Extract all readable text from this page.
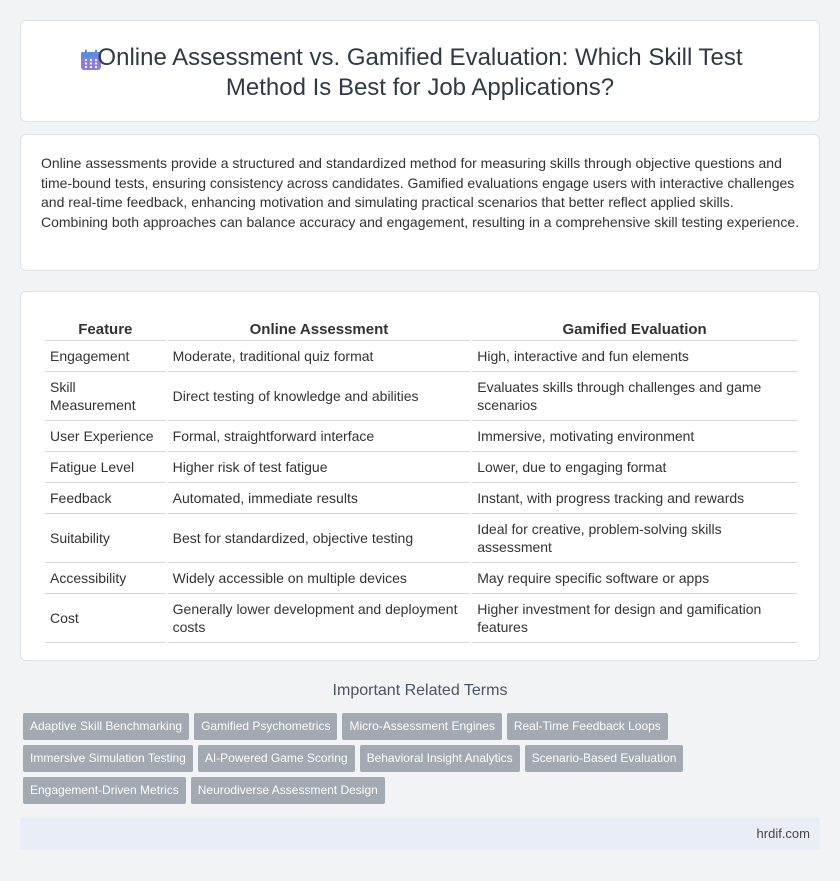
Online Assessment vs. Gamified Evaluation: Which Skill Test
Method Is Best for Job Applications?

Online assessments provide a structured and standardized method for measuring skills through objective questions and time-bound tests, ensuring consistency across candidates. Gamified evaluations engage users with interactive challenges and real-time feedback, enhancing motivation and simulating practical scenarios that better reflect applied skills. Combining both approaches can balance accuracy and engagement, resulting in a comprehensive skill testing experience.

Feature	Online Assessment	Gamified Evaluation
Engagement	Moderate, traditional quiz format	High, interactive and fun elements
Skill Measurement	Direct testing of knowledge and abilities	Evaluates skills through challenges and game scenarios
User Experience	Formal, straightforward interface	Immersive, motivating environment
Fatigue Level	Higher risk of test fatigue	Lower, due to engaging format
Feedback	Automated, immediate results	Instant, with progress tracking and rewards
Suitability	Best for standardized, objective testing	Ideal for creative, problem-solving skills assessment
Accessibility	Widely accessible on multiple devices	May require specific software or apps
Cost	Generally lower development and deployment costs	Higher investment for design and gamification features
Important Related Terms
Adaptive Skill Benchmarking	Gamified Psychometrics	Micro-Assessment Engines	Real-Time Feedback Loops
Immersive Simulation Testing	AI-Powered Game Scoring	Behavioral Insight Analytics	Scenario-Based Evaluation
Engagement-Driven Metrics	Neurodiverse Assessment Design
hrdif.com
